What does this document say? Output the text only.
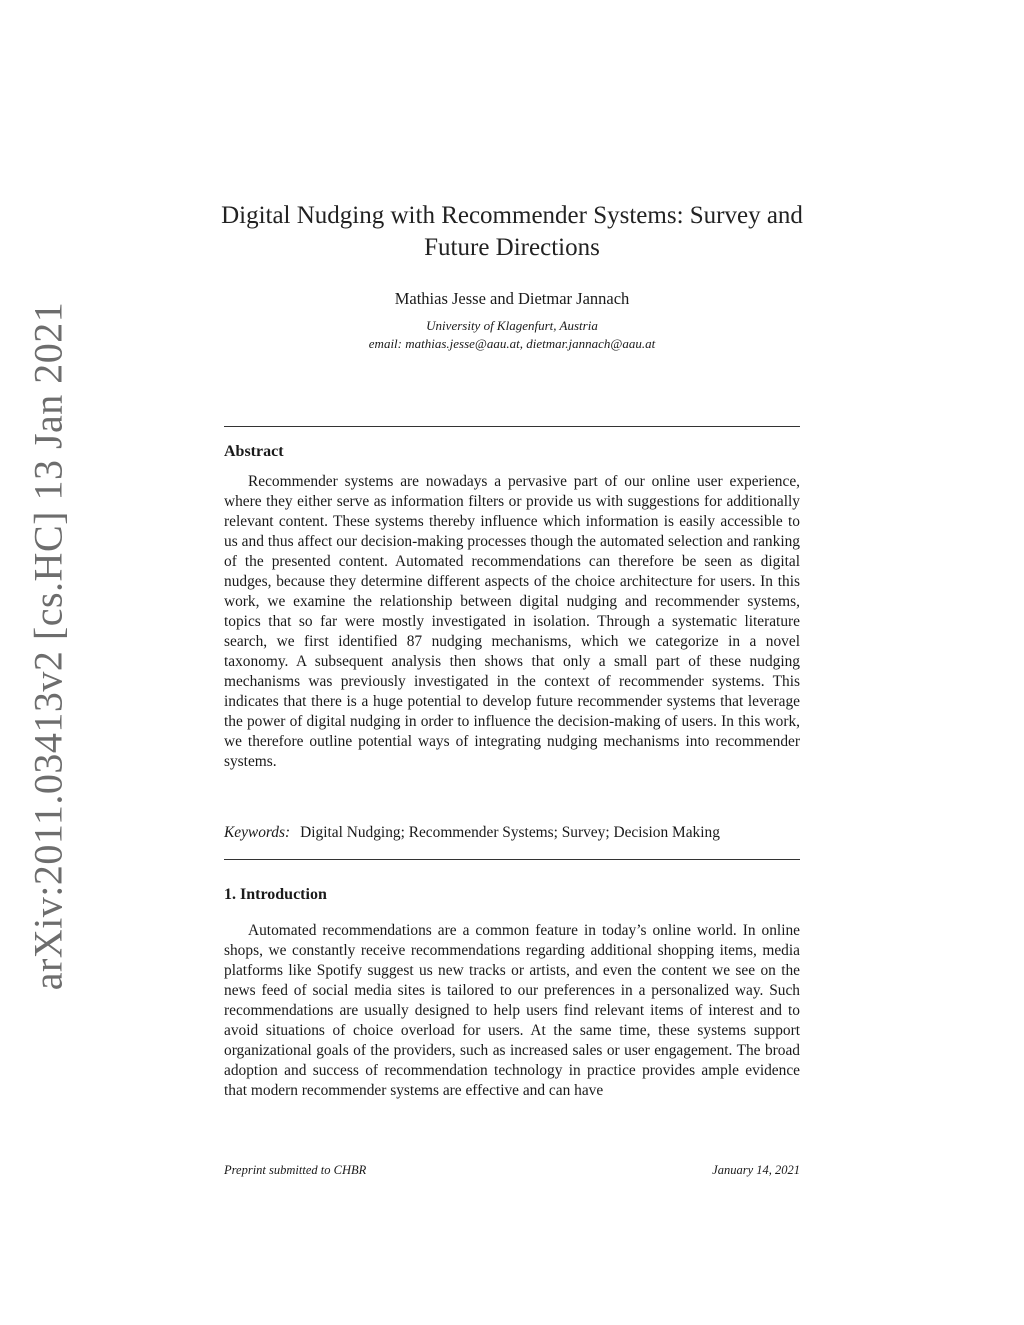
arXiv:2011.03413v2 [cs.HC] 13 Jan 2021
Digital Nudging with Recommender Systems: Survey and Future Directions
Mathias Jesse and Dietmar Jannach
University of Klagenfurt, Austria
email: mathias.jesse@aau.at, dietmar.jannach@aau.at
Abstract

Recommender systems are nowadays a pervasive part of our online user experience, where they either serve as information filters or provide us with suggestions for additionally relevant content. These systems thereby influence which information is easily accessible to us and thus affect our decision-making processes though the automated selection and ranking of the presented content. Automated recommendations can therefore be seen as digital nudges, because they determine different aspects of the choice architecture for users. In this work, we examine the relationship between digital nudging and recommender systems, topics that so far were mostly investigated in isolation. Through a systematic literature search, we first identified 87 nudging mechanisms, which we categorize in a novel taxonomy. A subsequent analysis then shows that only a small part of these nudging mechanisms was previously investigated in the context of recommender systems. This indicates that there is a huge potential to develop future recommender systems that leverage the power of digital nudging in order to influence the decision-making of users. In this work, we therefore outline potential ways of integrating nudging mechanisms into recommender systems.

Keywords: Digital Nudging; Recommender Systems; Survey; Decision Making
1. Introduction

Automated recommendations are a common feature in today’s online world. In online shops, we constantly receive recommendations regarding additional shopping items, media platforms like Spotify suggest us new tracks or artists, and even the content we see on the news feed of social media sites is tailored to our preferences in a personalized way. Such recommendations are usually designed to help users find relevant items of interest and to avoid situations of choice overload for users. At the same time, these systems support organizational goals of the providers, such as increased sales or user engagement. The broad adoption and success of recommendation technology in practice provides ample evidence that modern recommender systems are effective and can have

Preprint submitted to CHBR	January 14, 2021
